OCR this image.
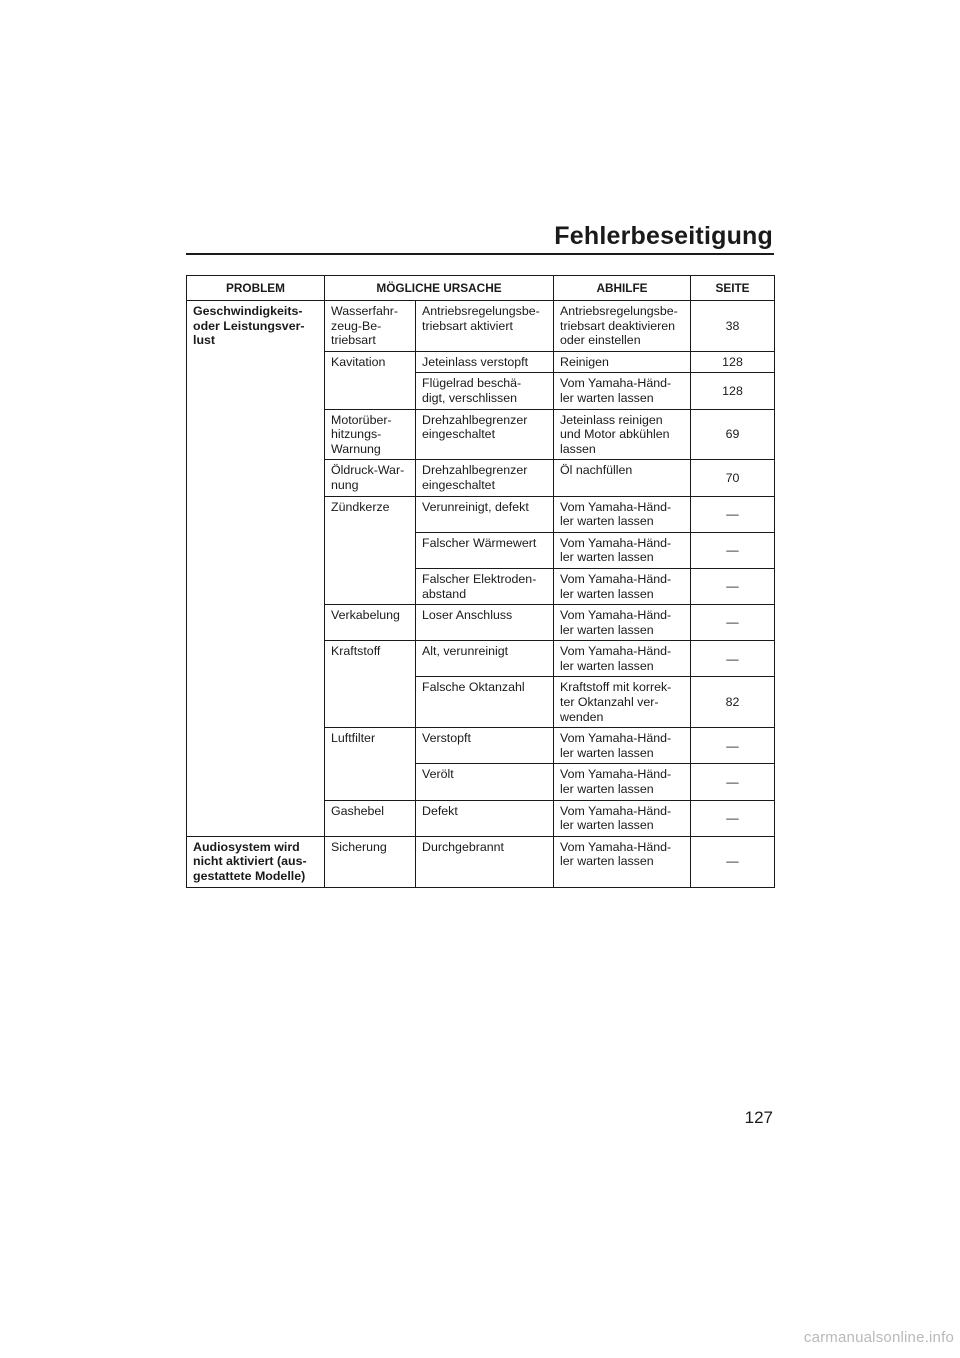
Fehlerbeseitigung
PROBLEM	MÖGLICHE URSACHE		ABHILFE	SEITE
Geschwindigkeits-
oder Leistungsver-
lust	Wasserfahr-
zeug-Be-
triebsart	Antriebsregelungsbe-
triebsart aktiviert	Antriebsregelungsbe-
triebsart deaktivieren
oder einstellen	38
	Kavitation	Jeteinlass verstopft	Reinigen	128
		Flügelrad beschä-
digt, verschlissen	Vom Yamaha-Händ-
ler warten lassen	128
	Motorüber-
hitzungs-
Warnung	Drehzahlbegrenzer
eingeschaltet	Jeteinlass reinigen
und Motor abkühlen
lassen	69
	Öldruck-War-
nung	Drehzahlbegrenzer
eingeschaltet	Öl nachfüllen	70
	Zündkerze	Verunreinigt, defekt	Vom Yamaha-Händ-
ler warten lassen	—
		Falscher Wärmewert	Vom Yamaha-Händ-
ler warten lassen	—
		Falscher Elektroden-
abstand	Vom Yamaha-Händ-
ler warten lassen	—
	Verkabelung	Loser Anschluss	Vom Yamaha-Händ-
ler warten lassen	—
	Kraftstoff	Alt, verunreinigt	Vom Yamaha-Händ-
ler warten lassen	—
		Falsche Oktanzahl	Kraftstoff mit korrek-
ter Oktanzahl ver-
wenden	82
	Luftfilter	Verstopft	Vom Yamaha-Händ-
ler warten lassen	—
		Verölt	Vom Yamaha-Händ-
ler warten lassen	—
	Gashebel	Defekt	Vom Yamaha-Händ-
ler warten lassen	—
Audiosystem wird
nicht aktiviert (aus-
gestattete Modelle)	Sicherung	Durchgebrannt	Vom Yamaha-Händ-
ler warten lassen	—
127
carmanualsonline.info
